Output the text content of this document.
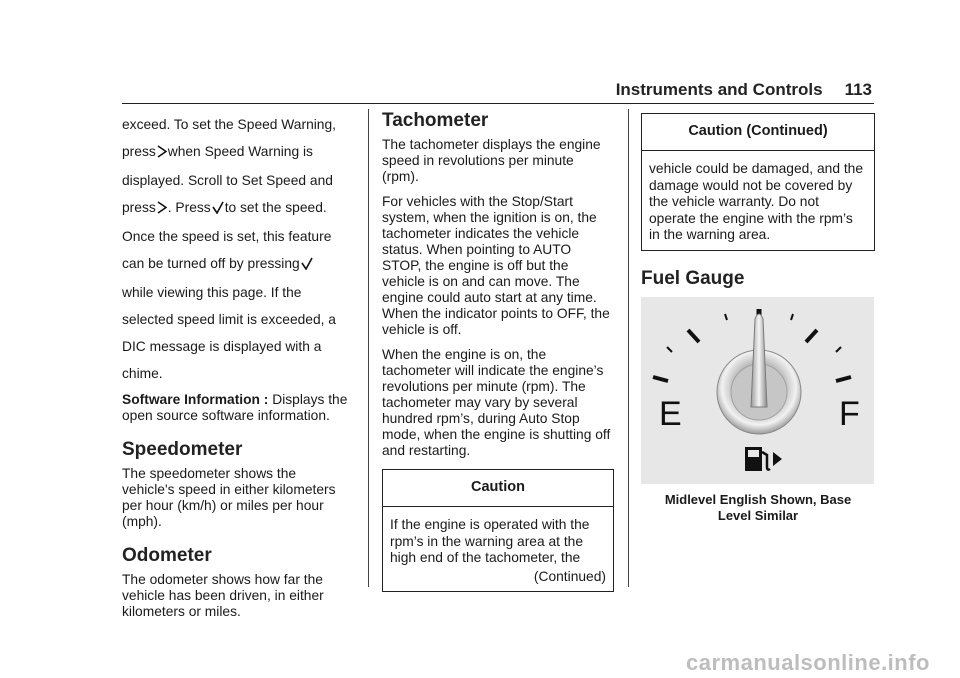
Instruments and Controls 113
exceed. To set the Speed Warning,
press when Speed Warning is
displayed. Scroll to Set Speed and
press . Press to set the speed.
Once the speed is set, this feature
can be turned off by pressing
while viewing this page. If the
selected speed limit is exceeded, a
DIC message is displayed with a
chime.
Software Information : Displays the open source software information.
Speedometer
The speedometer shows the vehicle's speed in either kilometers per hour (km/h) or miles per hour (mph).
Odometer
The odometer shows how far the vehicle has been driven, in either kilometers or miles.
Tachometer
The tachometer displays the engine speed in revolutions per minute (rpm).
For vehicles with the Stop/Start system, when the ignition is on, the tachometer indicates the vehicle status. When pointing to AUTO STOP, the engine is off but the vehicle is on and can move. The engine could auto start at any time. When the indicator points to OFF, the vehicle is off.
When the engine is on, the tachometer will indicate the engine’s revolutions per minute (rpm). The tachometer may vary by several hundred rpm’s, during Auto Stop mode, when the engine is shutting off and restarting.
Caution
If the engine is operated with the rpm’s in the warning area at the high end of the tachometer, the
(Continued)
Caution (Continued)
vehicle could be damaged, and the damage would not be covered by the vehicle warranty. Do not operate the engine with the rpm’s in the warning area.
Fuel Gauge
E	F
Midlevel English Shown, Base
Level Similar
carmanualsonline.info
